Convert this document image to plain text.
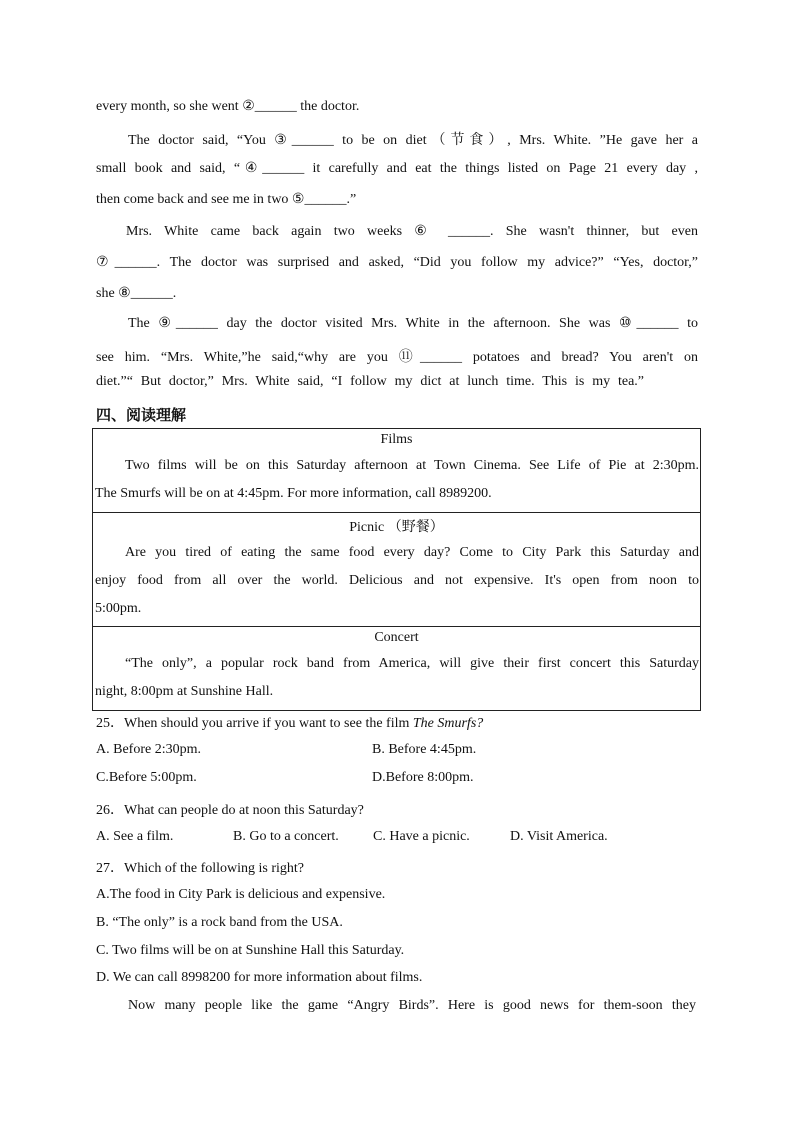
every month, so she went ②______ the doctor.
The doctor said, “You ③______ to be on diet（节食）, Mrs. White. ”He gave her a
small book and said, “④______ it carefully and eat the things listed on Page 21 every day ,
then come back and see me in two ⑤______.”
Mrs. White came back again two weeks ⑥ ______. She wasn't thinner, but even
⑦______. The doctor was surprised and asked, “Did you follow my advice?” “Yes, doctor,”
she ⑧______.
The ⑨______ day the doctor visited Mrs. White in the afternoon. She was ⑩______ to
see him. “Mrs. White,”he said,“why are you ⑪______ potatoes and bread? You aren't on
diet.”“ But doctor,” Mrs. White said, “I follow my dict at lunch time. This is my tea.”
四、阅读理解
Films
Two films will be on this Saturday afternoon at Town Cinema. See Life of Pie at 2:30pm.
The Smurfs will be on at 4:45pm. For more information, call 8989200.
Picnic （野餐）
Are you tired of eating the same food every day? Come to City Park this Saturday and
enjoy food from all over the world. Delicious and not expensive. It's open from noon to
5:00pm.
Concert
“The only”, a popular rock band from America, will give their first concert this Saturday
night, 8:00pm at Sunshine Hall.
25．When should you arrive if you want to see the film The Smurfs?
A. Before 2:30pm.	B. Before 4:45pm.
C.Before 5:00pm.	D.Before 8:00pm.
26．What can people do at noon this Saturday?
A. See a film.	B. Go to a concert. C. Have a picnic.	D. Visit America.
27．Which of the following is right?
A.The food in City Park is delicious and expensive.
B. “The only” is a rock band from the USA.
C. Two films will be on at Sunshine Hall this Saturday.
D. We can call 8998200 for more information about films.
Now many people like the game “Angry Birds”. Here is good news for them-soon they
